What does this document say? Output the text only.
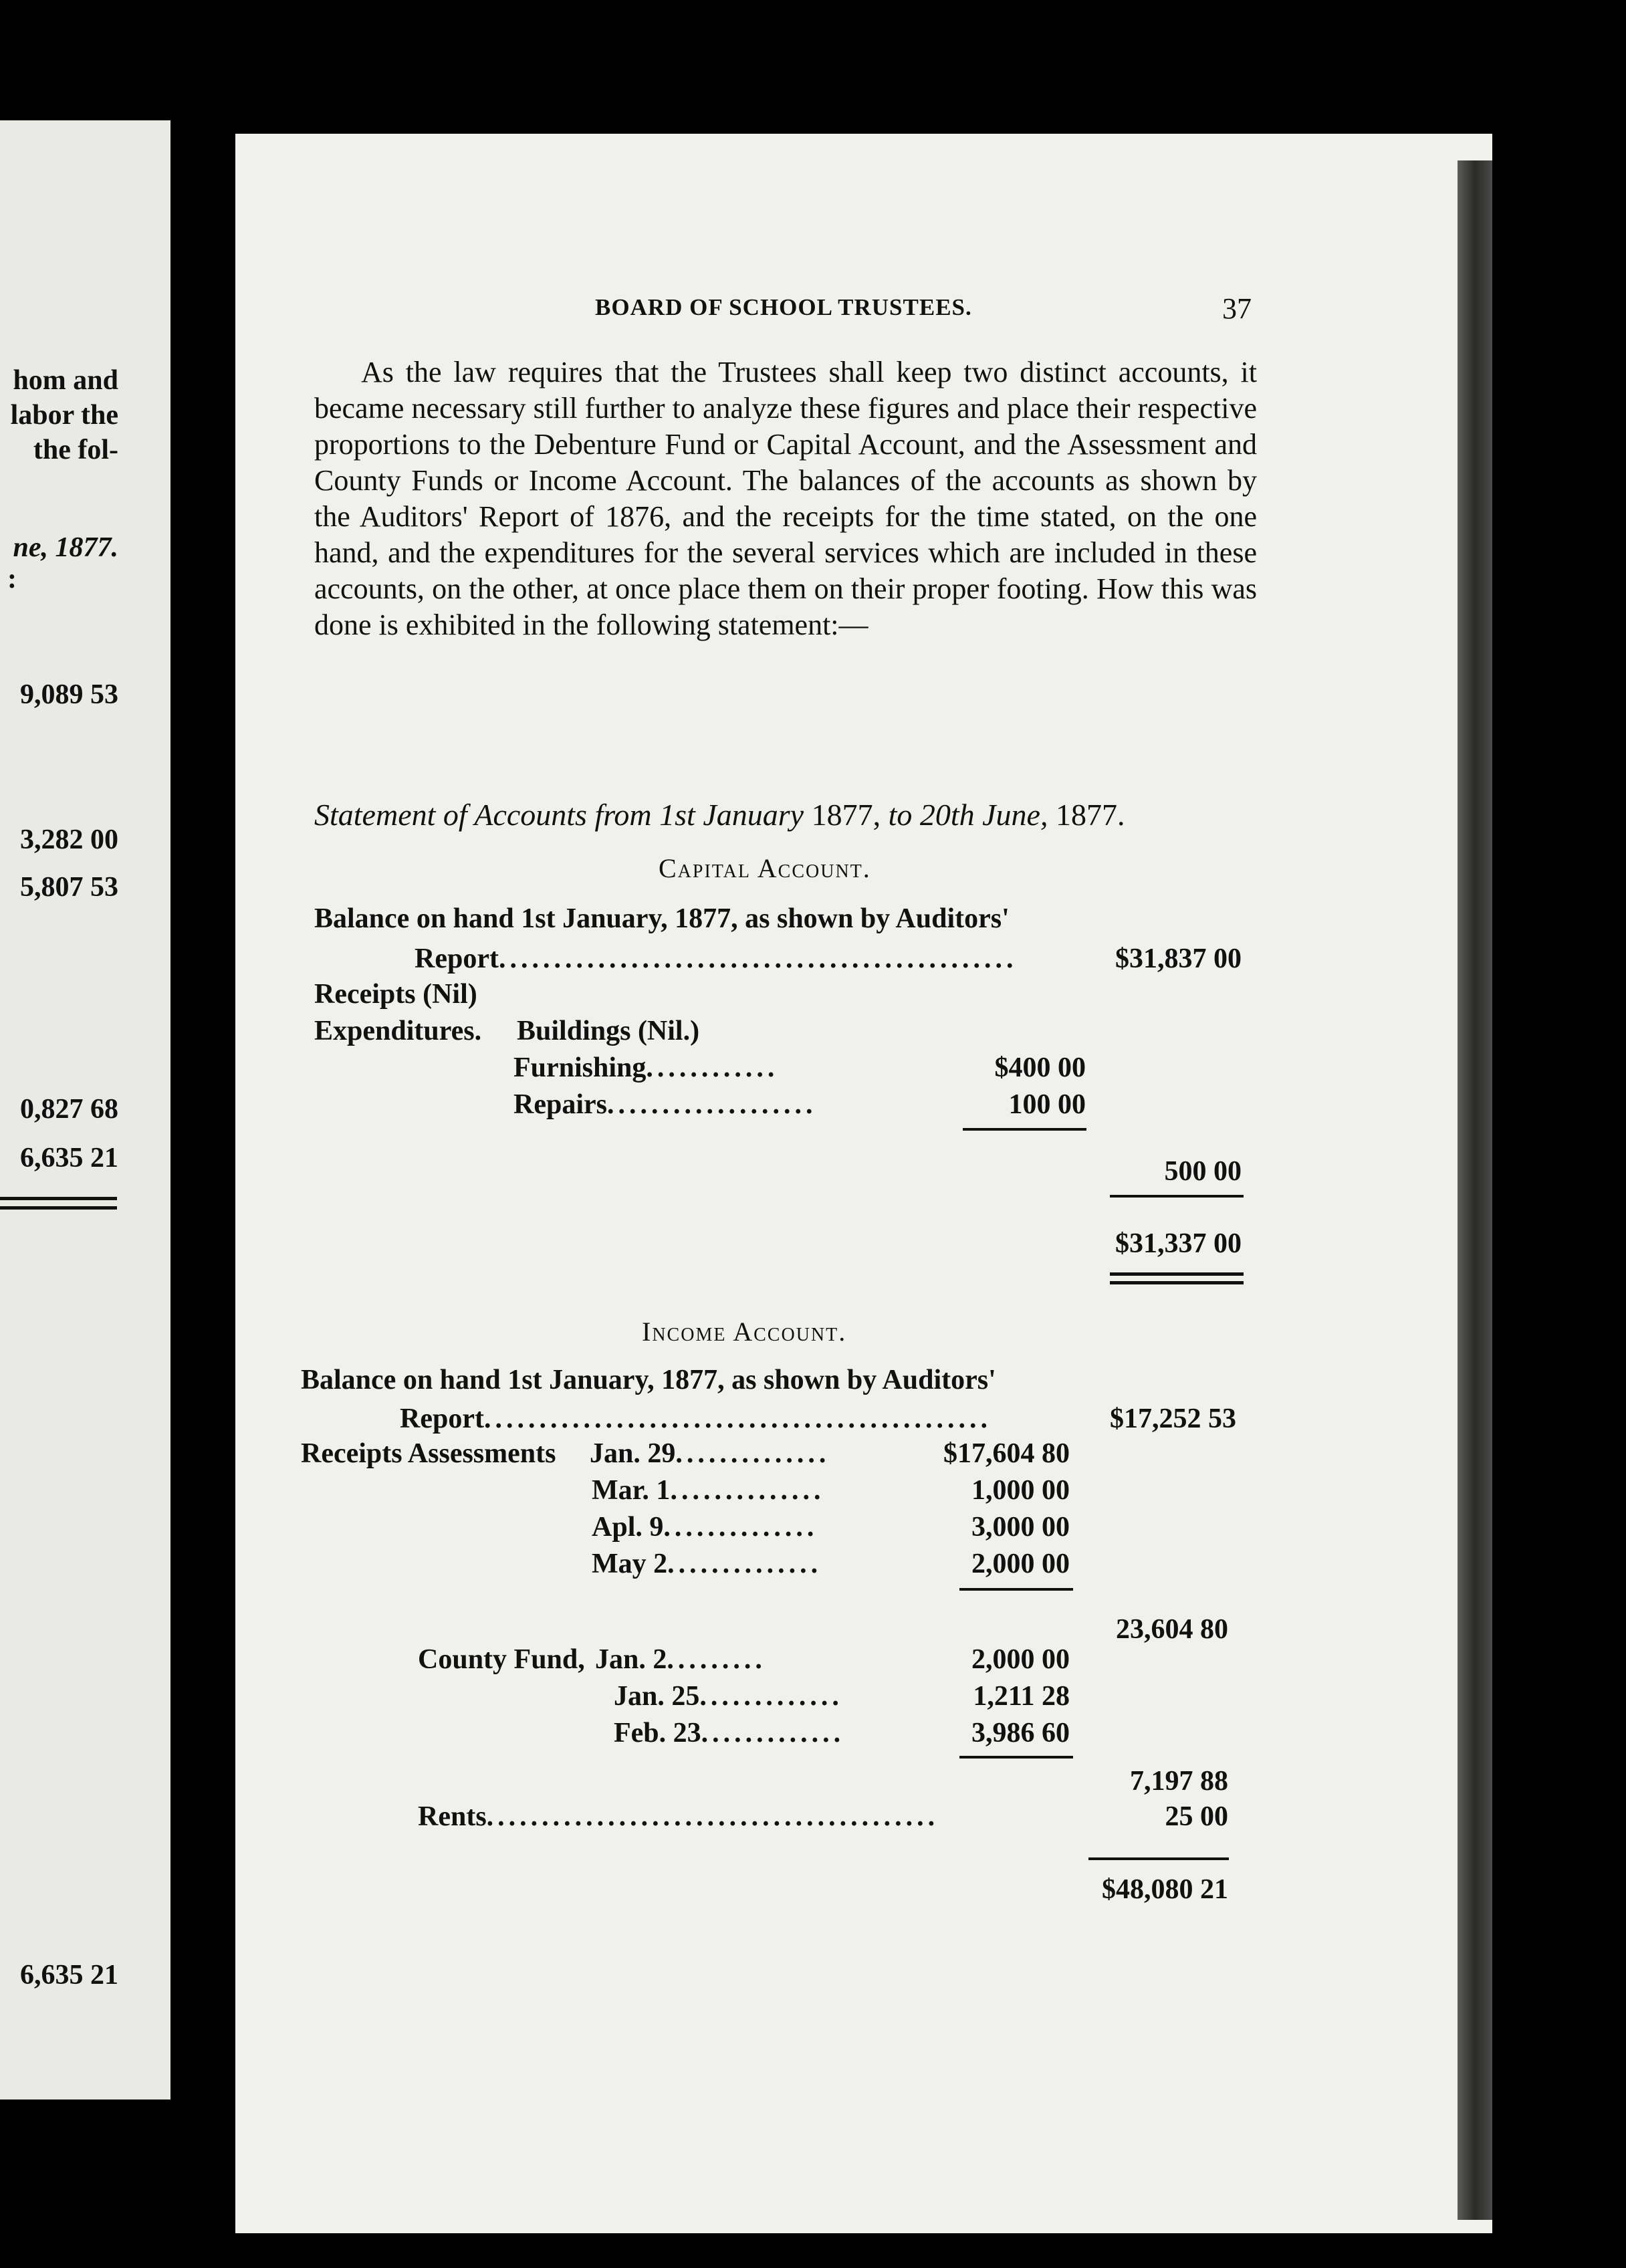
hom and
labor the
the fol-
ne, 1877.
:
9,089 53
3,282 00
5,807 53
0,827 68
6,635 21
6,635 21
BOARD OF SCHOOL TRUSTEES.	37

As the law requires that the Trustees shall keep two distinct accounts, it became necessary still further to analyze these figures and place their respective proportions to the Debenture Fund or Capital Account, and the Assessment and County Funds or Income Account. The balances of the accounts as shown by the Auditors' Report of 1876, and the receipts for the time stated, on the one hand, and the expenditures for the several services which are included in these accounts, on the other, at once place them on their proper footing. How this was done is exhibited in the following statement:—

Statement of Accounts from 1st January 1877, to 20th June, 1877.
Capital Account.
Balance on hand 1st January, 1877, as shown by Auditors'
Report...............................................	$31,837 00
Receipts (Nil)
Expenditures. Buildings (Nil.)
Furnishing............	$400 00
Repairs...................	100 00
500 00
$31,337 00
Income Account.
Balance on hand 1st January, 1877, as shown by Auditors'
Report..............................................	$17,252 53
Receipts Assessments Jan. 29..............	$17,604 80
Mar. 1..............	1,000 00
Apl. 9..............	3,000 00
May 2..............	2,000 00
23,604 80
County Fund, Jan. 2.........	2,000 00
Jan. 25.............	1,211 28
Feb. 23.............	3,986 60
7,197 88
Rents.........................................	25 00
$48,080 21
